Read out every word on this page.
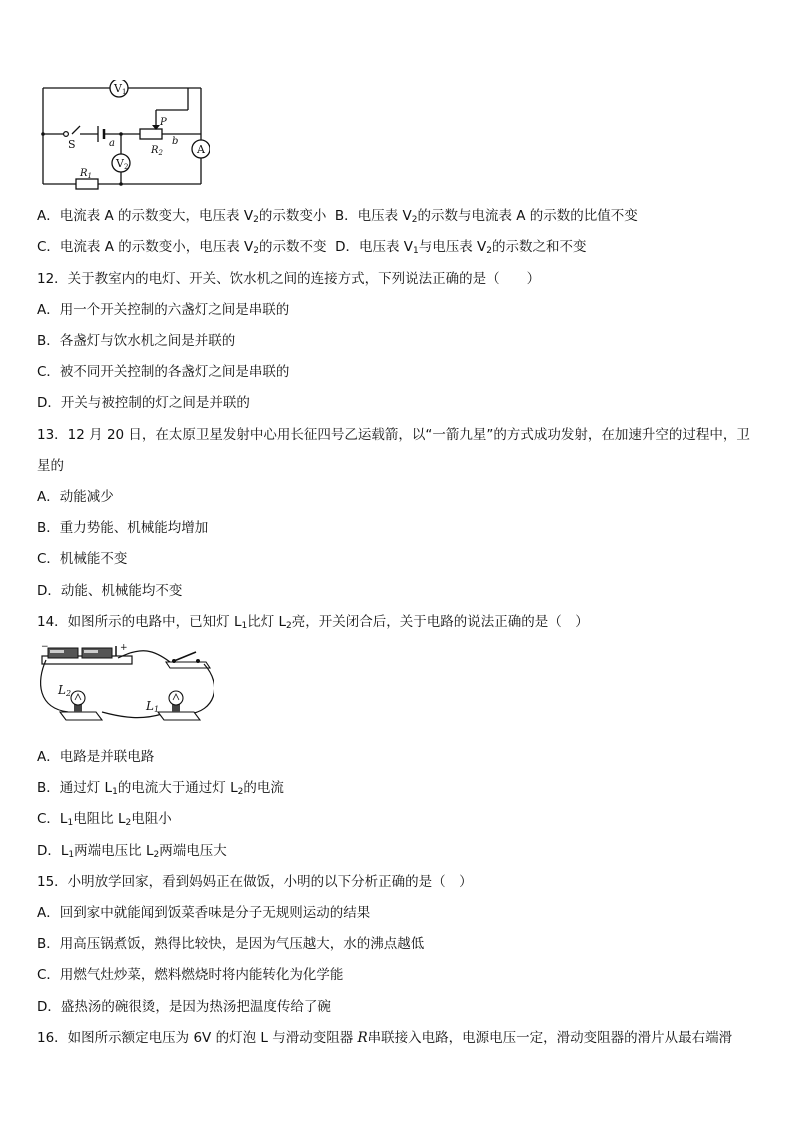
V1
V2
A
S	a	b
P
$R_2$
$R_1$
A．电流表 A 的示数变大，电压表 $V_2$的示数变小 B．电压表 $V_2$的示数与电流表 A 的示数的比值不变
C．电流表 A 的示数变小，电压表 $V_2$的示数不变 D．电压表 $V_1$与电压表 $V_2$的示数之和不变
12．关于教室内的电灯、开关、饮水机之间的连接方式，下列说法正确的是（　　）
A．用一个开关控制的六盏灯之间是串联的
B．各盏灯与饮水机之间是并联的
C．被不同开关控制的各盏灯之间是串联的
D．开关与被控制的灯之间是并联的
13．12 月 20 日，在太原卫星发射中心用长征四号乙运载箭，以“一箭九星”的方式成功发射，在加速升空的过程中，卫
星的
A．动能减少
B．重力势能、机械能均增加
C．机械能不变
D．动能、机械能均不变
14．如图所示的电路中，已知灯 $L_1$比灯 $L_2$亮，开关闭合后，关于电路的说法正确的是（　）
+
−
L2
L1
A．电路是并联电路
B．通过灯 $L_1$的电流大于通过灯 $L_2$的电流
C．$L_1$电阻比 $L_2$电阻小
D．$L_1$两端电压比 $L_2$两端电压大
15．小明放学回家，看到妈妈正在做饭，小明的以下分析正确的是（　）
A．回到家中就能闻到饭菜香味是分子无规则运动的结果
B．用高压锅煮饭，熟得比较快，是因为气压越大，水的沸点越低
C．用燃气灶炒菜，燃料燃烧时将内能转化为化学能
D．盛热汤的碗很烫，是因为热汤把温度传给了碗
16．如图所示额定电压为 6V 的灯泡 L 与滑动变阻器 R串联接入电路，电源电压一定，滑动变阻器的滑片从最右端滑
